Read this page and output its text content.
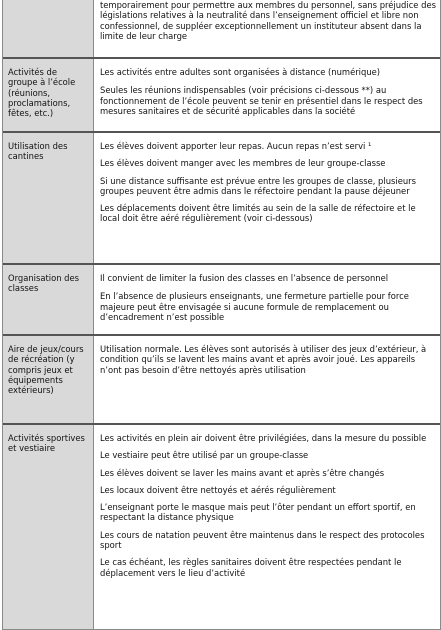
temporairement pour permettre aux membres du personnel, sans préjudice des législations relatives à la neutralité dans l’enseignement officiel et libre non confessionnel, de suppléer exceptionnellement un instituteur absent dans la limite de leur charge

Activités de groupe à l’école (réunions, proclamations, fêtes, etc.)

Les activités entre adultes sont organisées à distance (numérique)

Seules les réunions indispensables (voir précisions ci-dessous **) au fonctionnement de l’école peuvent se tenir en présentiel dans le respect des mesures sanitaires et de sécurité applicables dans la société

Utilisation des cantines

Les élèves doivent apporter leur repas. Aucun repas n’est servi ¹

Les élèves doivent manger avec les membres de leur groupe-classe

Si une distance suffisante est prévue entre les groupes de classe, plusieurs groupes peuvent être admis dans le réfectoire pendant la pause déjeuner

Les déplacements doivent être limités au sein de la salle de réfectoire et le local doit être aéré régulièrement (voir ci-dessous)

Organisation des classes

Il convient de limiter la fusion des classes en l’absence de personnel

En l’absence de plusieurs enseignants, une fermeture partielle pour force majeure peut être envisagée si aucune formule de remplacement ou d’encadrement n’est possible

Aire de jeux/cours de récréation (y compris jeux et équipements extérieurs)

Utilisation normale. Les élèves sont autorisés à utiliser des jeux d’extérieur, à condition qu’ils se lavent les mains avant et après avoir joué. Les appareils n’ont pas besoin d’être nettoyés après utilisation

Activités sportives et vestiaire

Les activités en plein air doivent être privilégiées, dans la mesure du possible

Le vestiaire peut être utilisé par un groupe-classe

Les élèves doivent se laver les mains avant et après s’être changés

Les locaux doivent être nettoyés et aérés régulièrement

L’enseignant porte le masque mais peut l’ôter pendant un effort sportif, en respectant la distance physique

Les cours de natation peuvent être maintenus dans le respect des protocoles sport

Le cas échéant, les règles sanitaires doivent être respectées pendant le déplacement vers le lieu d’activité
